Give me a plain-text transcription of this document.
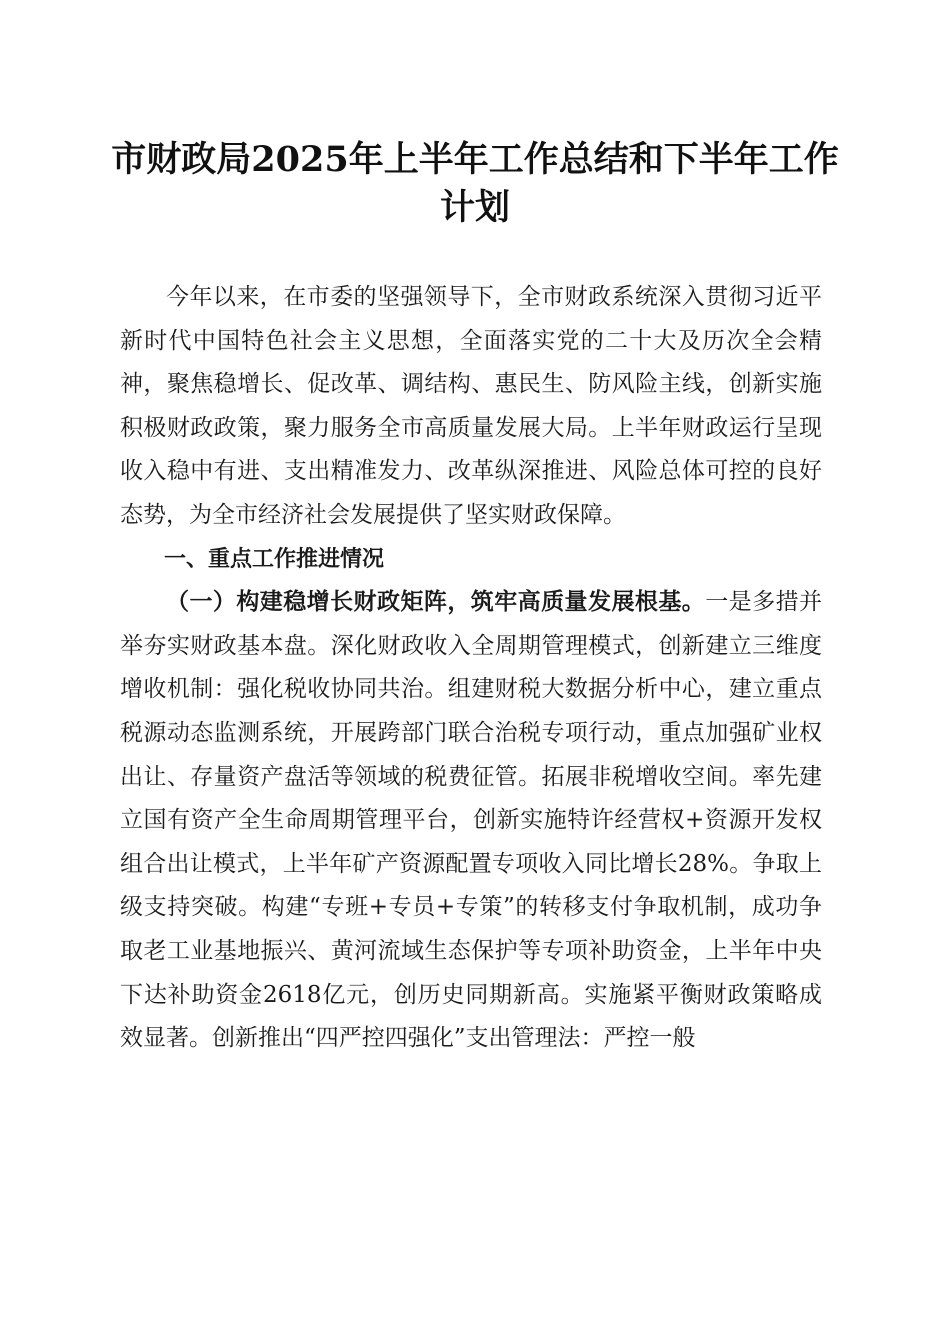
市财政局2025年上半年工作总结和下半年工作计划

今年以来，在市委的坚强领导下，全市财政系统深入贯彻习近平新时代中国特色社会主义思想，全面落实党的二十大及历次全会精神，聚焦稳增长、促改革、调结构、惠民生、防风险主线，创新实施积极财政政策，聚力服务全市高质量发展大局。上半年财政运行呈现收入稳中有进、支出精准发力、改革纵深推进、风险总体可控的良好态势，为全市经济社会发展提供了坚实财政保障。

一、重点工作推进情况

（一）构建稳增长财政矩阵，筑牢高质量发展根基。一是多措并举夯实财政基本盘。深化财政收入全周期管理模式，创新建立三维度增收机制：强化税收协同共治。组建财税大数据分析中心，建立重点税源动态监测系统，开展跨部门联合治税专项行动，重点加强矿业权出让、存量资产盘活等领域的税费征管。拓展非税增收空间。率先建立国有资产全生命周期管理平台，创新实施特许经营权+资源开发权组合出让模式，上半年矿产资源配置专项收入同比增长28%。争取上级支持突破。构建“专班+专员+专策”的转移支付争取机制，成功争取老工业基地振兴、黄河流域生态保护等专项补助资金，上半年中央下达补助资金2618亿元，创历史同期新高。实施紧平衡财政策略成效显著。创新推出“四严控四强化”支出管理法：严控一般
